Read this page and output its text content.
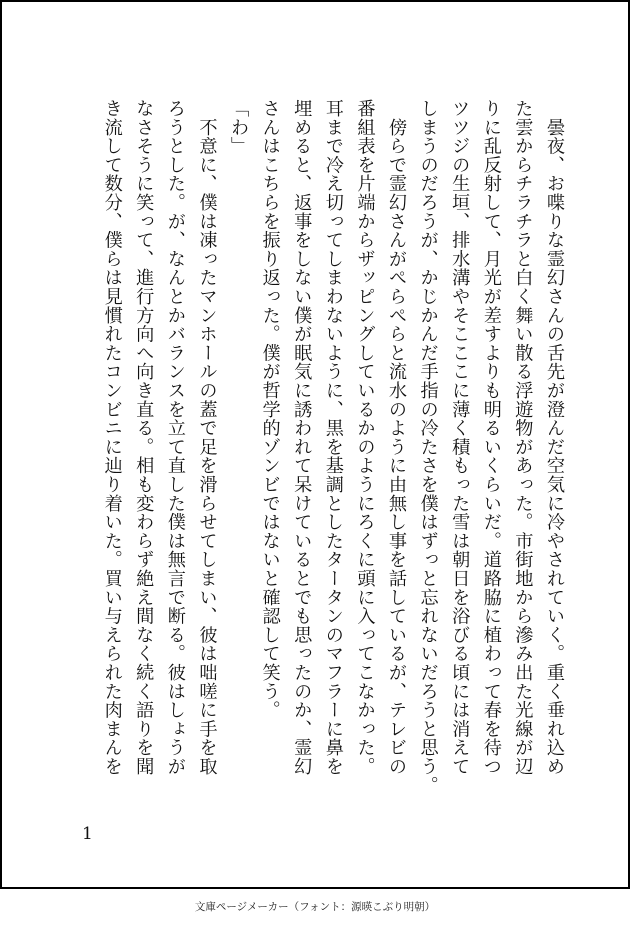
　曇夜、お喋りな霊幻さんの舌先が澄んだ空気に冷やされていく。重く垂れ込め
た雲からチラチラと白く舞い散る浮遊物があった。市街地から滲み出た光線が辺
りに乱反射して、月光が差すよりも明るいくらいだ。道路脇に植わって春を待つ
ツツジの生垣、排水溝やそこここに薄く積もった雪は朝日を浴びる頃には消えて
しまうのだろうが、かじかんだ手指の冷たさを僕はずっと忘れないだろうと思う。
　傍らで霊幻さんがぺらぺらと流水のように由無し事を話しているが、テレビの
番組表を片端からザッピングしているかのようにろくに頭に入ってこなかった。
耳まで冷え切ってしまわないように、黒を基調としたタータンのマフラーに鼻を
埋めると、返事をしない僕が眠気に誘われて呆けているとでも思ったのか、霊幻
さんはこちらを振り返った。僕が哲学的ゾンビではないと確認して笑う。
「わ」
　不意に、僕は凍ったマンホールの蓋で足を滑らせてしまい、彼は咄嗟に手を取
ろうとした。が、なんとかバランスを立て直した僕は無言で断る。彼はしょうが
なさそうに笑って、進行方向へ向き直る。相も変わらず絶え間なく続く語りを聞
き流して数分、僕らは見慣れたコンビニに辿り着いた。買い与えられた肉まんを
1
文庫ページメーカー（フォント：源暎こぶり明朝）
